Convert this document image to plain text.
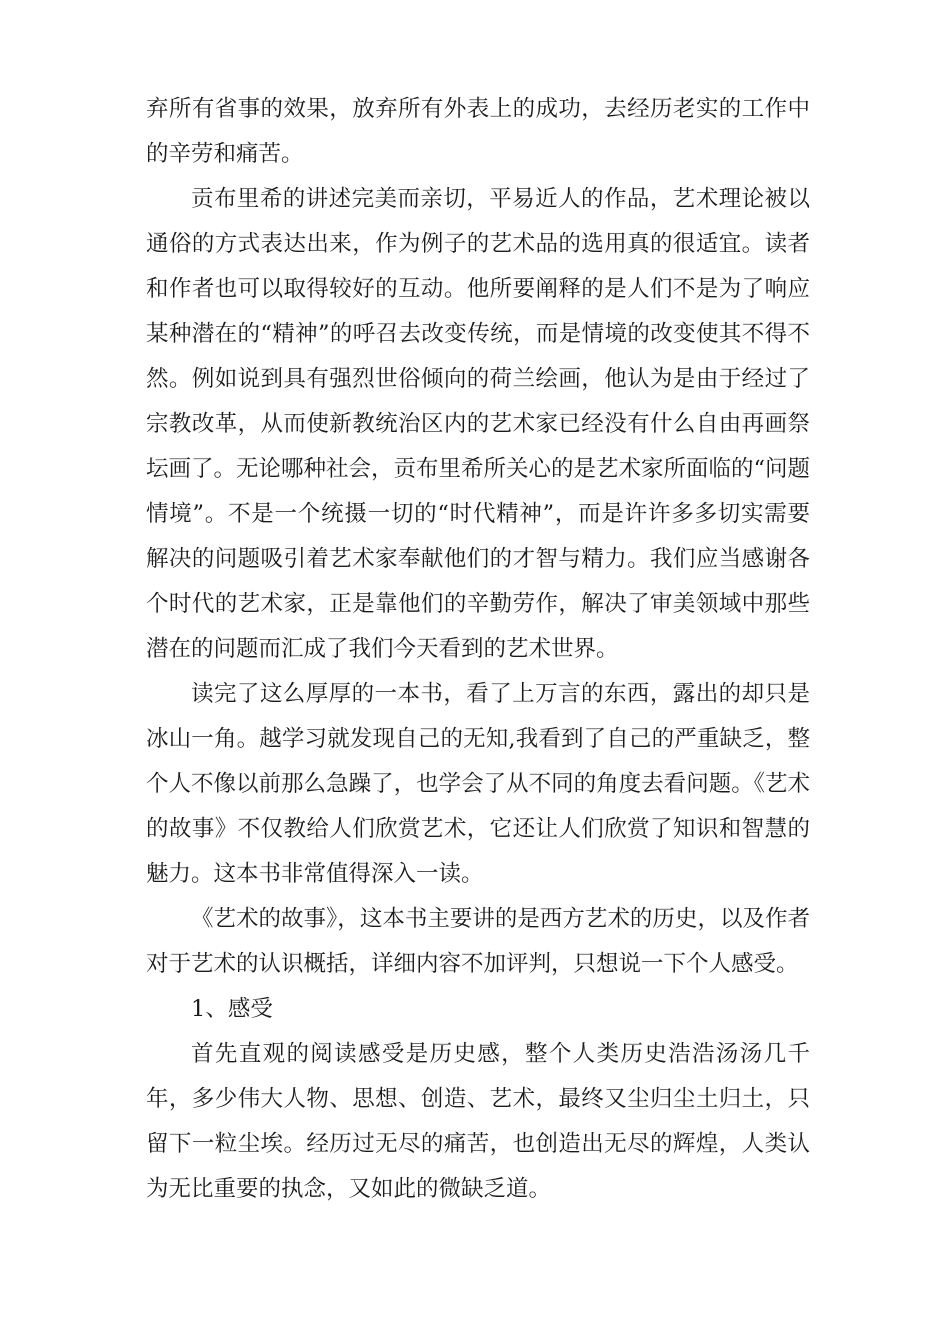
弃所有省事的效果，放弃所有外表上的成功，去经历老实的工作中的辛劳和痛苦。

贡布里希的讲述完美而亲切，平易近人的作品，艺术理论被以通俗的方式表达出来，作为例子的艺术品的选用真的很适宜。读者和作者也可以取得较好的互动。他所要阐释的是人们不是为了响应某种潜在的“精神”的呼召去改变传统，而是情境的改变使其不得不然。例如说到具有强烈世俗倾向的荷兰绘画，他认为是由于经过了宗教改革，从而使新教统治区内的艺术家已经没有什么自由再画祭坛画了。无论哪种社会，贡布里希所关心的是艺术家所面临的“问题情境”。不是一个统摄一切的“时代精神”，而是许许多多切实需要解决的问题吸引着艺术家奉献他们的才智与精力。我们应当感谢各个时代的艺术家，正是靠他们的辛勤劳作，解决了审美领域中那些潜在的问题而汇成了我们今天看到的艺术世界。

读完了这么厚厚的一本书，看了上万言的东西，露出的却只是冰山一角。越学习就发现自己的无知,我看到了自己的严重缺乏，整个人不像以前那么急躁了，也学会了从不同的角度去看问题。《艺术的故事》不仅教给人们欣赏艺术，它还让人们欣赏了知识和智慧的魅力。这本书非常值得深入一读。

《艺术的故事》，这本书主要讲的是西方艺术的历史，以及作者对于艺术的认识概括，详细内容不加评判，只想说一下个人感受。

1、感受

首先直观的阅读感受是历史感，整个人类历史浩浩汤汤几千年，多少伟大人物、思想、创造、艺术，最终又尘归尘土归土，只留下一粒尘埃。经历过无尽的痛苦，也创造出无尽的辉煌，人类认为无比重要的执念，又如此的微缺乏道。
